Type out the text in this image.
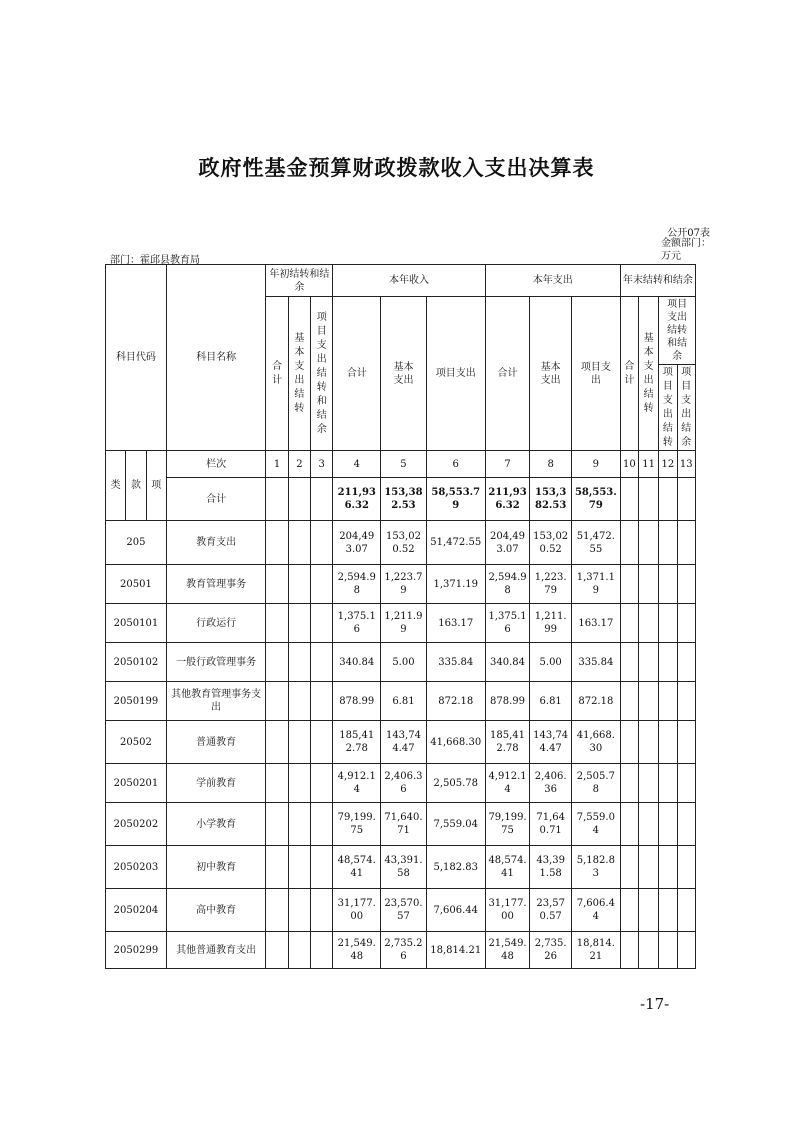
政府性基金预算财政拨款收入支出决算表
公开07表
金额部门：万元
部门：霍邱县教育局
科目代码			科目名称	年初结转和结余			本年收入			本年支出			年末结转和结余			
				合计	基本支出结转	项目支出结转和结余	合计	基本支出	项目支出	合计	基本支出	项目支出	合计	基本支出结转	项目支出结转和结余	
															项目支出结转	项目支出结余
类	款	项	栏次	1	2	3	4	5	6	7	8	9	10	11	12	13
			合计				211,936.32	153,382.53	58,553.79	211,936.32	153,382.53	58,553.79				
205			教育支出				204,493.07	153,020.52	51,472.55	204,493.07	153,020.52	51,472.55				
20501			教育管理事务				2,594.98	1,223.79	1,371.19	2,594.98	1,223.79	1,371.19				
2050101			行政运行				1,375.16	1,211.99	163.17	1,375.16	1,211.99	163.17				
2050102			一般行政管理事务				340.84	5.00	335.84	340.84	5.00	335.84				
2050199			其他教育管理事务支出				878.99	6.81	872.18	878.99	6.81	872.18				
20502			普通教育				185,412.78	143,744.47	41,668.30	185,412.78	143,744.47	41,668.30				
2050201			学前教育				4,912.14	2,406.36	2,505.78	4,912.14	2,406.36	2,505.78				
2050202			小学教育				79,199.75	71,640.71	7,559.04	79,199.75	71,640.71	7,559.04				
2050203			初中教育				48,574.41	43,391.58	5,182.83	48,574.41	43,391.58	5,182.83				
2050204			高中教育				31,177.00	23,570.57	7,606.44	31,177.00	23,570.57	7,606.44				
2050299			其他普通教育支出				21,549.48	2,735.26	18,814.21	21,549.48	2,735.26	18,814.21				
-17-
